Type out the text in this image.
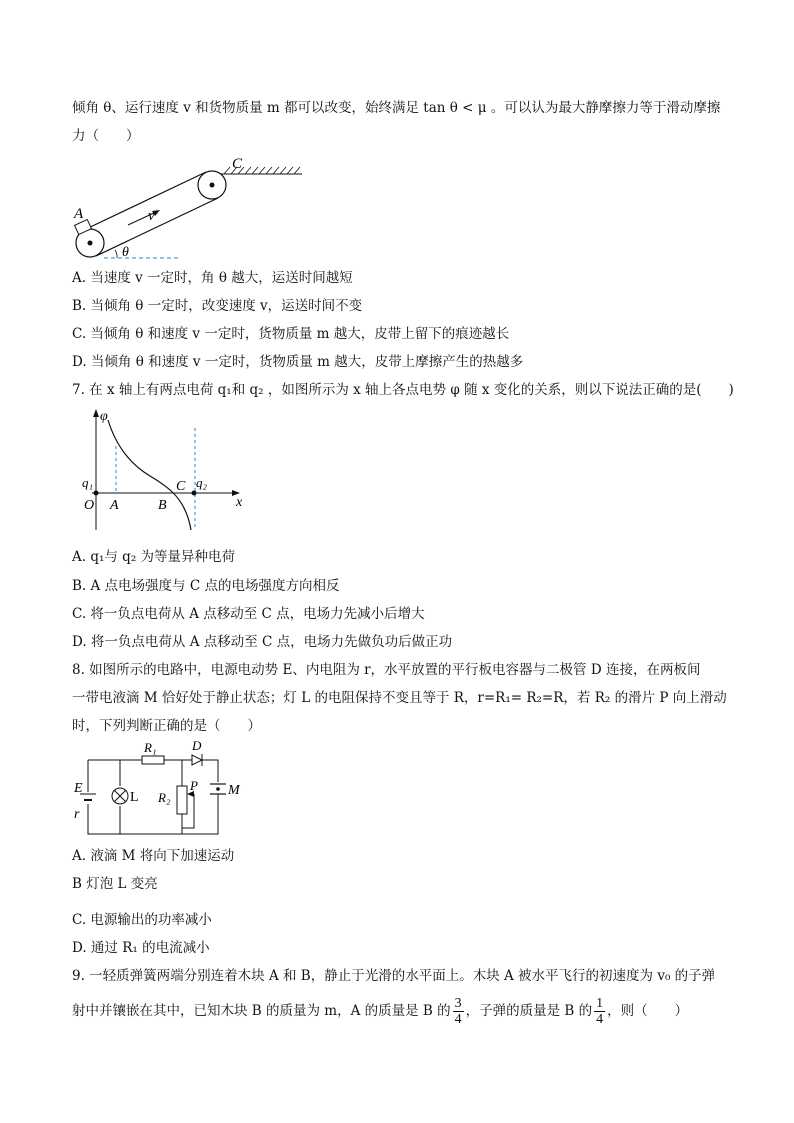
倾角 θ、运行速度 v 和货物质量 m 都可以改变，始终满足 tan θ < μ 。可以认为最大静摩擦力等于滑动摩擦
力（　　）
C
A	v
θ
A. 当速度 v 一定时，角 θ 越大，运送时间越短
B. 当倾角 θ 一定时，改变速度 v，运送时间不变
C. 当倾角 θ 和速度 v 一定时，货物质量 m 越大，皮带上留下的痕迹越长
D. 当倾角 θ 和速度 v 一定时，货物质量 m 越大，皮带上摩擦产生的热越多
7. 在 x 轴上有两点电荷 q₁和 q₂ ，如图所示为 x 轴上各点电势 φ 随 x 变化的关系，则以下说法正确的是(　　)
φ
x
q₁	q₂
O A	B
C
A. q₁与 q₂ 为等量异种电荷
B. A 点电场强度与 C 点的电场强度方向相反
C. 将一负点电荷从 A 点移动至 C 点，电场力先减小后增大
D. 将一负点电荷从 A 点移动至 C 点，电场力先做负功后做正功
8. 如图所示的电路中，电源电动势 E、内电阻为 r，水平放置的平行板电容器与二极管 D 连接，在两板间
一带电液滴 M 恰好处于静止状态；灯 L 的电阻保持不变且等于 R，r=R₁= R₂=R，若 R₂ 的滑片 P 向上滑动
时，下列判断正确的是（　　）
R₁	D
E
r
L R₂
P M
A. 液滴 M 将向下加速运动
B 灯泡 L 变亮
C. 电源输出的功率减小
D. 通过 R₁ 的电流减小
9. 一轻质弹簧两端分别连着木块 A 和 B，静止于光滑的水平面上。木块 A 被水平飞行的初速度为 v₀ 的子弹
射中并镶嵌在其中，已知木块 B 的质量为 m，A 的质量是 B 的 $\frac{3}{4}$ ，子弹的质量是 B 的 $\frac{1}{4}$ ，则（　　）
